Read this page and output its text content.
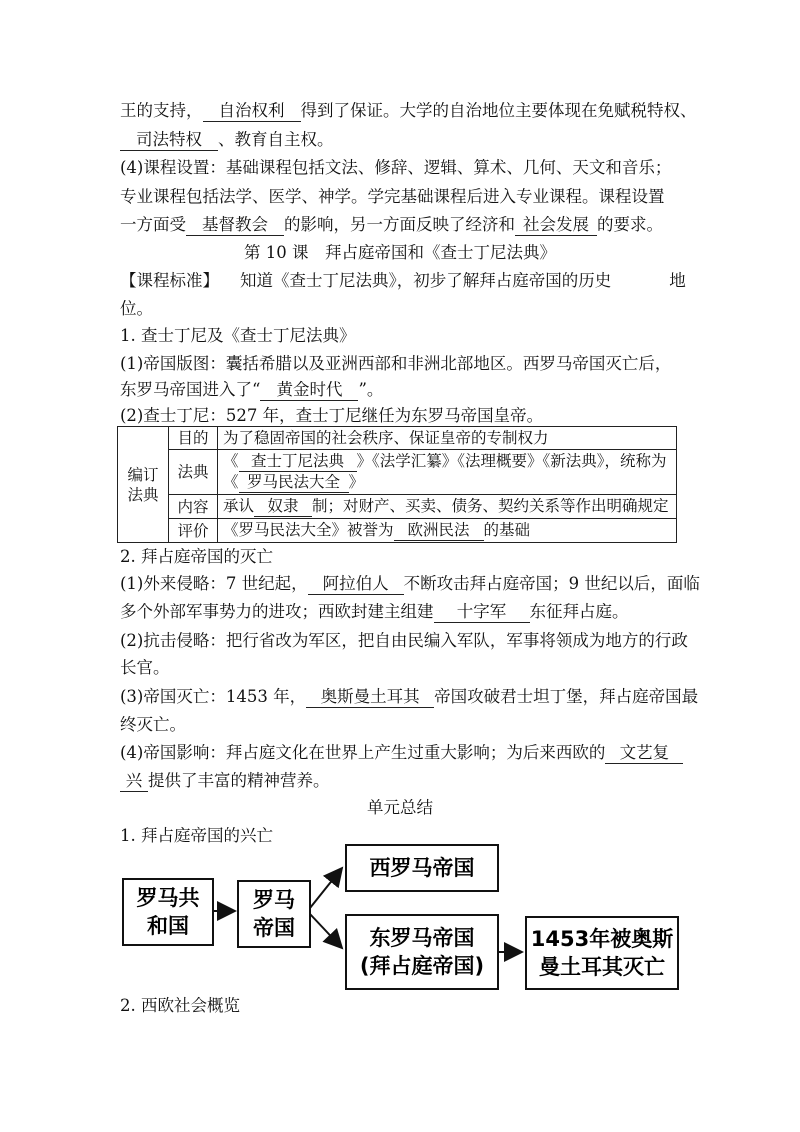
王的支持， 自治权利 得到了保证。大学的自治地位主要体现在免赋税特权、
司法特权 、教育自主权。
(4)课程设置：基础课程包括文法、修辞、逻辑、算术、几何、天文和音乐；
专业课程包括法学、医学、神学。学完基础课程后进入专业课程。课程设置
一方面受 基督教会 的影响，另一方面反映了经济和 社会发展 的要求。
第 10 课　拜占庭帝国和《查士丁尼法典》
【课程标准】 知道《查士丁尼法典》，初步了解拜占庭帝国的历史	地
位。
1. 查士丁尼及《查士丁尼法典》
(1)帝国版图：囊括希腊以及亚洲西部和非洲北部地区。西罗马帝国灭亡后，
东罗马帝国进入了“ 黄金时代 ”。
(2)查士丁尼：527 年，查士丁尼继任为东罗马帝国皇帝。
编订法典	目的	为了稳固帝国的社会秩序、保证皇帝的专制权力
	法典	《 查士丁尼法典 》《法学汇纂》《法理概要》《新法典》，统称为《 罗马民法大全 》
	内容	承认 奴隶 制；对财产、买卖、债务、契约关系等作出明确规定
	评价	《罗马民法大全》被誉为 欧洲民法 的基础
2. 拜占庭帝国的灭亡
(1)外来侵略：7 世纪起， 阿拉伯人 不断攻击拜占庭帝国；9 世纪以后，面临
多个外部军事势力的进攻；西欧封建主组建 十字军 东征拜占庭。
(2)抗击侵略：把行省改为军区，把自由民编入军队，军事将领成为地方的行政
长官。
(3)帝国灭亡：1453 年， 奥斯曼土耳其 帝国攻破君士坦丁堡，拜占庭帝国最
终灭亡。
(4)帝国影响：拜占庭文化在世界上产生过重大影响；为后来西欧的 文艺复
兴 提供了丰富的精神营养。
单元总结
1. 拜占庭帝国的兴亡
罗马共和国
罗马帝国
西罗马帝国
东罗马帝国
(拜占庭帝国)
1453年被奥斯
曼土耳其灭亡
2. 西欧社会概览
